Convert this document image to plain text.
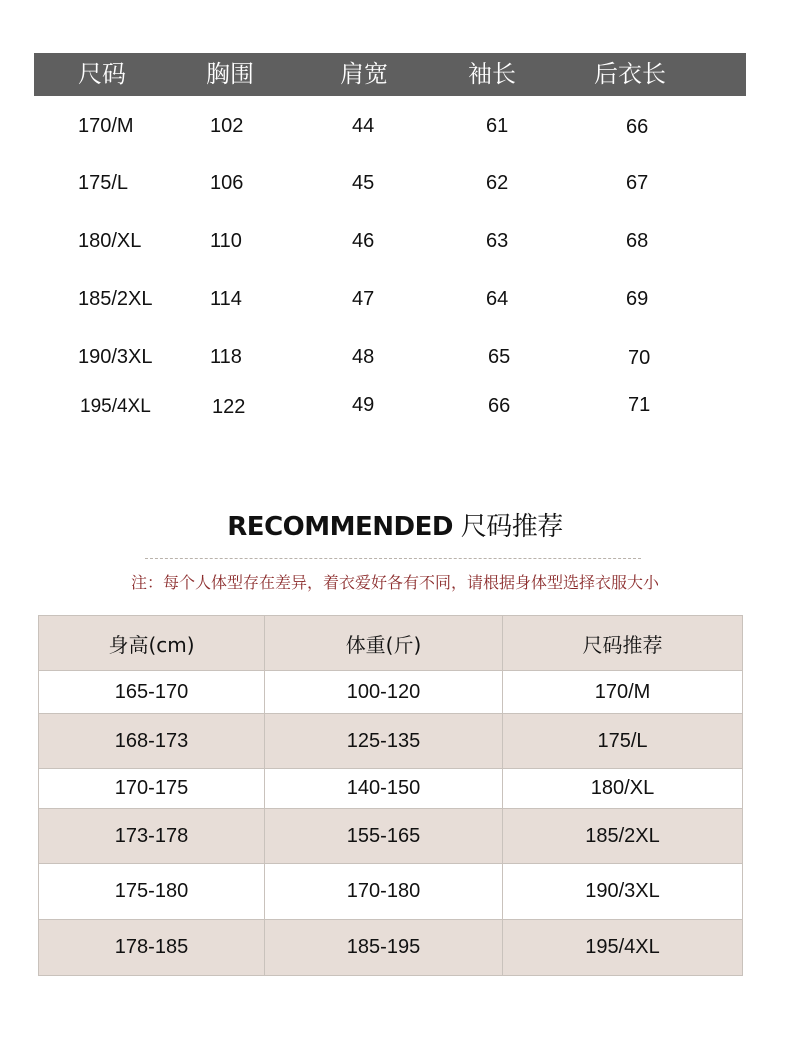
尺码	胸围	肩宽	袖长	后衣长
170/M	102	44	61	66
175/L	106	45	62	67
180/XL	110	46	63	68
185/2XL	114	47	64	69
190/3XL	118	48	65	70
195/4XL	122	49	66	71
RECOMMENDED 尺码推荐
注：每个人体型存在差异，着衣爱好各有不同，请根据身体型选择衣服大小
身高(cm)	体重(斤)	尺码推荐
165-170	100-120	170/M
168-173	125-135	175/L
170-175	140-150	180/XL
173-178	155-165	185/2XL
175-180	170-180	190/3XL
178-185	185-195	195/4XL
